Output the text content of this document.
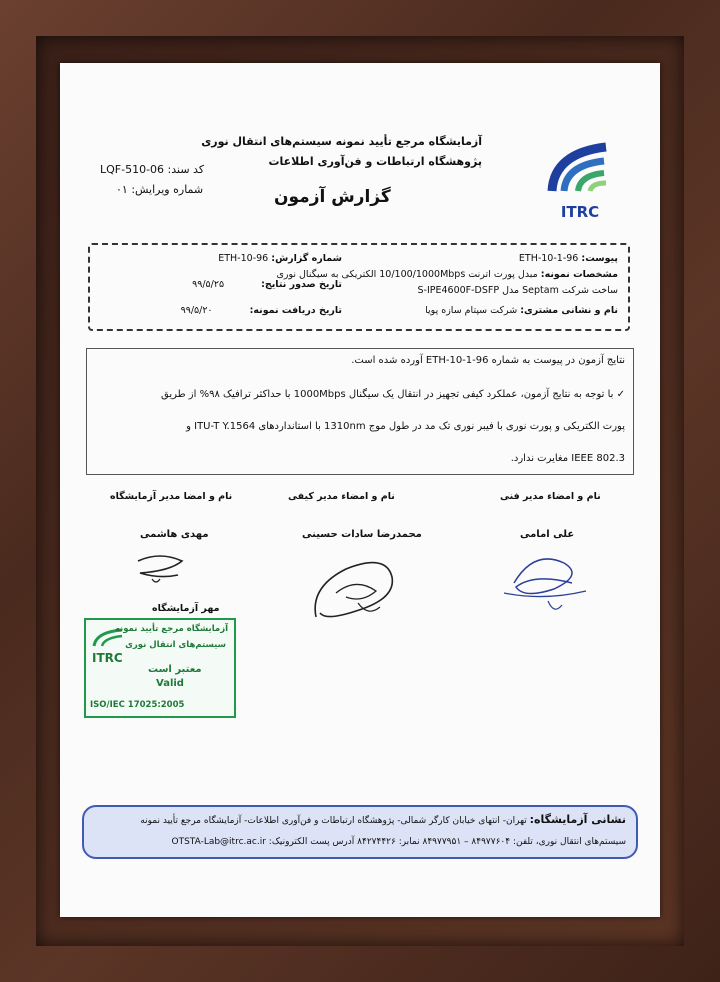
ITRC
آزمایشگاه مرجع تأیید نمونه سیستم‌های انتقال نوری
پژوهشگاه ارتباطات و فن‌آوری اطلاعات
گزارش آزمون
کد سند: LQF-510-06
شماره ویرایش: ۰۱
پیوست: 96-ETH-10-1
شماره گزارش: 96-ETH-10
مشخصات نمونه: مبدل پورت اترنت 10/100/1000Mbps الکتریکی به سیگنال نوری
ساخت شرکت Septam مدل S-IPE4600F-DSFP
تاریخ صدور نتایج: ۹۹/۵/۲۵
نام و نشانی مشتری: شرکت سپتام سازه پویا
تاریخ دریافت نمونه: ۹۹/۵/۲۰
نتایج آزمون در پیوست به شماره 96-ETH-10-1 آورده شده است.
✓ با توجه به نتایج آزمون، عملکرد کیفی تجهیز در انتقال یک سیگنال 1000Mbps با حداکثر ترافیک ۹۸% از طریق
پورت الکتریکی و پورت نوری با فیبر نوری تک مد در طول موج 1310nm با استانداردهای ITU-T Y.1564 و
IEEE 802.3 مغایرت ندارد.
نام و امضا مدیر آزمایشگاه	نام و امضاء مدیر کیفی	نام و امضاء مدیر فنی
مهدی هاشمی	محمدرضا سادات حسینی	علی امامی
مهر آزمایشگاه
ITRC
آزمایشگاه مرجع تأیید نمونه
سیستم‌های انتقال نوری
معتبر است
Valid
ISO/IEC 17025:2005
نشانی آزمایشگاه: تهران- انتهای خیابان کارگر شمالی- پژوهشگاه ارتباطات و فن‌آوری اطلاعات- آزمایشگاه مرجع تأیید نمونه
سیستم‌های انتقال نوری، تلفن: ۸۴۹۷۷۶۰۴ – ۸۴۹۷۷۹۵۱ نمابر: ۸۴۲۷۴۴۲۶ آدرس پست الکترونیک: OTSTA-Lab@itrc.ac.ir
